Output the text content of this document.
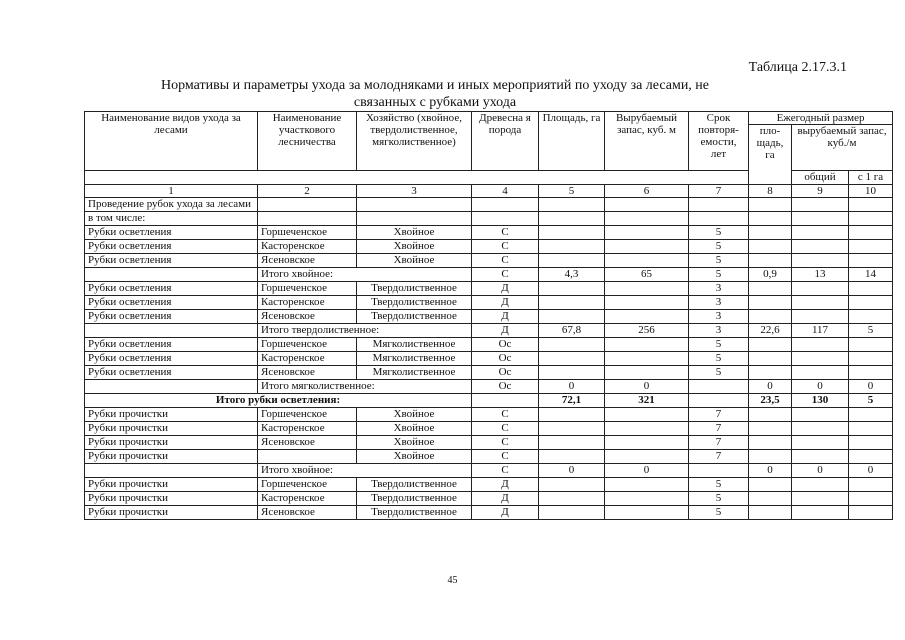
Таблица 2.17.3.1
Нормативы и параметры ухода за молодняками и иных мероприятий по уходу за лесами, не связанных с рубками ухода
Наименование видов ухода за лесами	Наименование участкового лесничества	Хозяйство (хвойное, твердолиственное, мягколиственное)	Древесна я порода	Площадь, га	Вырубаемый запас, куб. м	Срок повторя-емости, лет	Ежегодный размер		
							пло-щадь, га	вырубаемый запас, куб./м	
								общий	с 1 га
1	2	3	4	5	6	7	8	9	10
Проведение рубок ухода за лесами									
в том числе:									
Рубки осветления	Горшеченское	Хвойное	С			5			
Рубки осветления	Касторенское	Хвойное	С			5			
Рубки осветления	Ясеновское	Хвойное	С			5			
	Итого хвойное:		С	4,3	65	5	0,9	13	14
Рубки осветления	Горшеченское	Твердолиственное	Д			3			
Рубки осветления	Касторенское	Твердолиственное	Д			3			
Рубки осветления	Ясеновское	Твердолиственное	Д			3			
	Итого твердолиственное:		Д	67,8	256	3	22,6	117	5
Рубки осветления	Горшеченское	Мягколиственное	Ос			5			
Рубки осветления	Касторенское	Мягколиственное	Ос			5			
Рубки осветления	Ясеновское	Мягколиственное	Ос			5			
	Итого мягколиственное:		Ос	0	0		0	0	0
Итого рубки осветления:				72,1	321		23,5	130	5
Рубки прочистки	Горшеченское	Хвойное	С			7			
Рубки прочистки	Касторенское	Хвойное	С			7			
Рубки прочистки	Ясеновское	Хвойное	С			7			
Рубки прочистки		Хвойное	С			7			
	Итого хвойное:		С	0	0		0	0	0
Рубки прочистки	Горшеченское	Твердолиственное	Д			5			
Рубки прочистки	Касторенское	Твердолиственное	Д			5			
Рубки прочистки	Ясеновское	Твердолиственное	Д			5			
45
